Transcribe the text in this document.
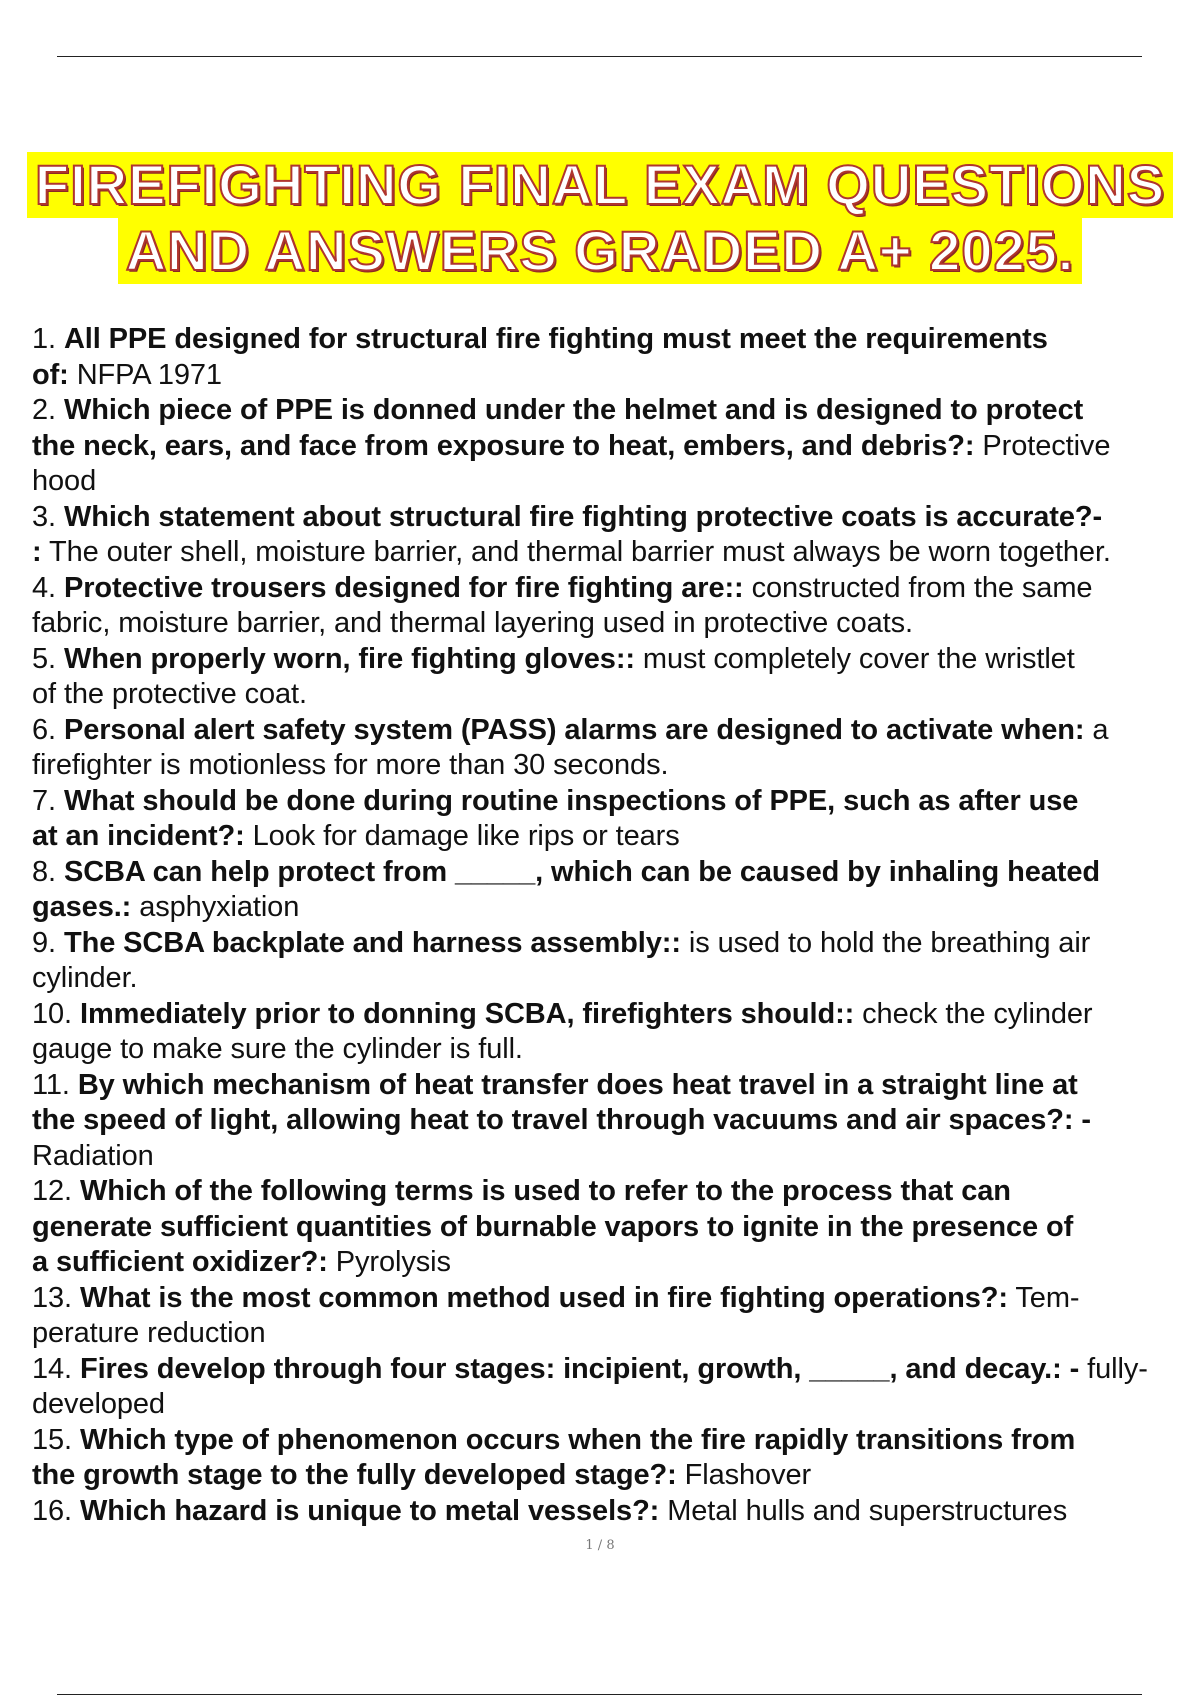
FIREFIGHTING FINAL EXAM QUESTIONS
AND ANSWERS GRADED A+ 2025.
1. All PPE designed for structural fire fighting must meet the requirements
of: NFPA 1971
2. Which piece of PPE is donned under the helmet and is designed to protect
the neck, ears, and face from exposure to heat, embers, and debris?: Protective
hood
3. Which statement about structural fire fighting protective coats is accurate?-
: The outer shell, moisture barrier, and thermal barrier must always be worn together.
4. Protective trousers designed for fire fighting are:: constructed from the same
fabric, moisture barrier, and thermal layering used in protective coats.
5. When properly worn, fire fighting gloves:: must completely cover the wristlet
of the protective coat.
6. Personal alert safety system (PASS) alarms are designed to activate when: a
firefighter is motionless for more than 30 seconds.
7. What should be done during routine inspections of PPE, such as after use
at an incident?: Look for damage like rips or tears
8. SCBA can help protect from _____, which can be caused by inhaling heated
gases.: asphyxiation
9. The SCBA backplate and harness assembly:: is used to hold the breathing air
cylinder.
10. Immediately prior to donning SCBA, firefighters should:: check the cylinder
gauge to make sure the cylinder is full.
11. By which mechanism of heat transfer does heat travel in a straight line at
the speed of light, allowing heat to travel through vacuums and air spaces?: - Radiation
12. Which of the following terms is used to refer to the process that can
generate sufficient quantities of burnable vapors to ignite in the presence of
a sufficient oxidizer?: Pyrolysis
13. What is the most common method used in fire fighting operations?: Tem-
perature reduction
14. Fires develop through four stages: incipient, growth, _____, and decay.: - fully-developed
15. Which type of phenomenon occurs when the fire rapidly transitions from
the growth stage to the fully developed stage?: Flashover
16. Which hazard is unique to metal vessels?: Metal hulls and superstructures
1 / 8
